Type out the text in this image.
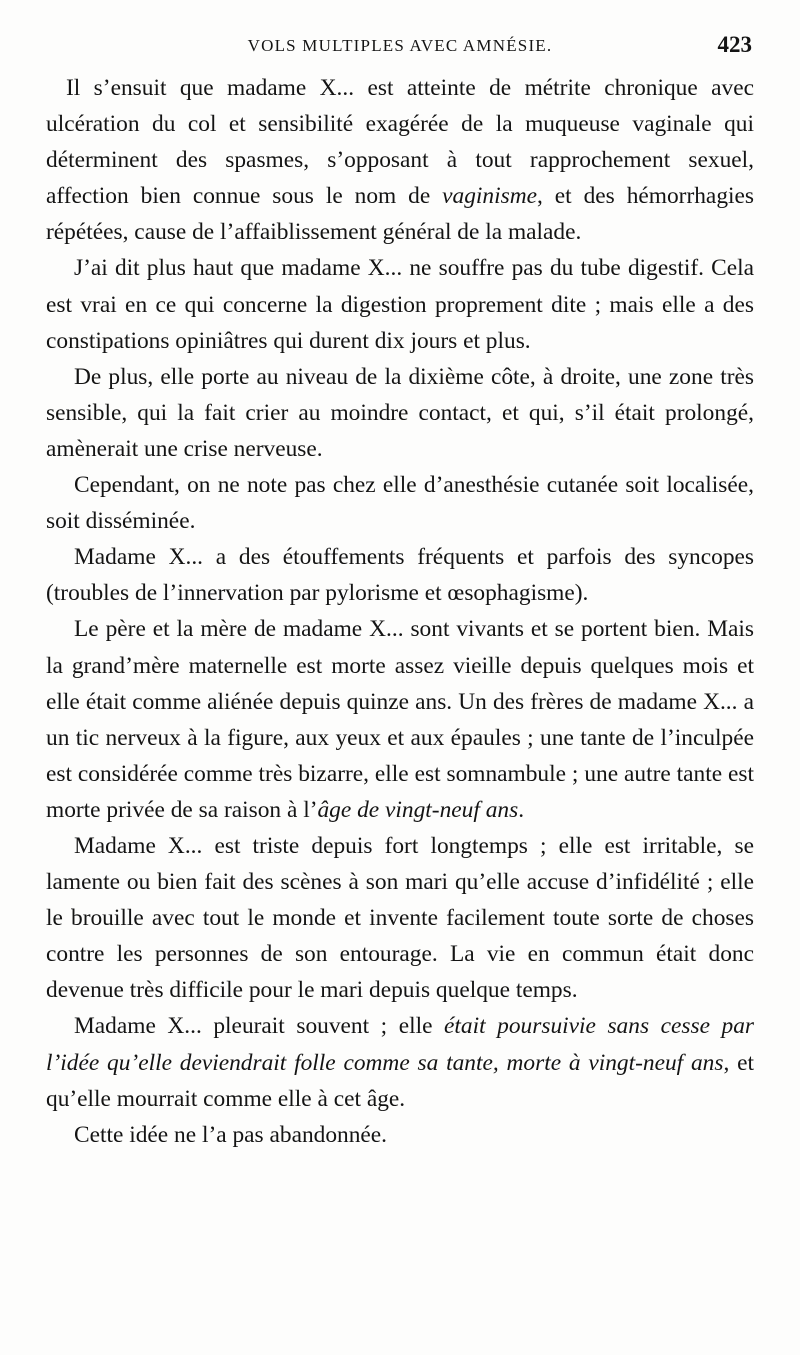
VOLS MULTIPLES AVEC AMNÉSIE.	423

Il s’ensuit que madame X... est atteinte de métrite chronique avec ulcération du col et sensibilité exagérée de la muqueuse vaginale qui déterminent des spasmes, s’opposant à tout rapprochement sexuel, affection bien connue sous le nom de vaginisme, et des hémorrhagies répétées, cause de l’affaiblissement général de la malade.

J’ai dit plus haut que madame X... ne souffre pas du tube digestif. Cela est vrai en ce qui concerne la digestion proprement dite ; mais elle a des constipations opiniâtres qui durent dix jours et plus.

De plus, elle porte au niveau de la dixième côte, à droite, une zone très sensible, qui la fait crier au moindre contact, et qui, s’il était prolongé, amènerait une crise nerveuse.

Cependant, on ne note pas chez elle d’anesthésie cutanée soit localisée, soit disséminée.

Madame X... a des étouffements fréquents et parfois des syncopes (troubles de l’innervation par pylorisme et œsophagisme).

Le père et la mère de madame X... sont vivants et se portent bien. Mais la grand’mère maternelle est morte assez vieille depuis quelques mois et elle était comme aliénée depuis quinze ans. Un des frères de madame X... a un tic nerveux à la figure, aux yeux et aux épaules ; une tante de l’inculpée est considérée comme très bizarre, elle est somnambule ; une autre tante est morte privée de sa raison à l’âge de vingt-neuf ans.

Madame X... est triste depuis fort longtemps ; elle est irritable, se lamente ou bien fait des scènes à son mari qu’elle accuse d’infidélité ; elle le brouille avec tout le monde et invente facilement toute sorte de choses contre les personnes de son entourage. La vie en commun était donc devenue très difficile pour le mari depuis quelque temps.

Madame X... pleurait souvent ; elle était poursuivie sans cesse par l’idée qu’elle deviendrait folle comme sa tante, morte à vingt-neuf ans, et qu’elle mourrait comme elle à cet âge.

Cette idée ne l’a pas abandonnée.
